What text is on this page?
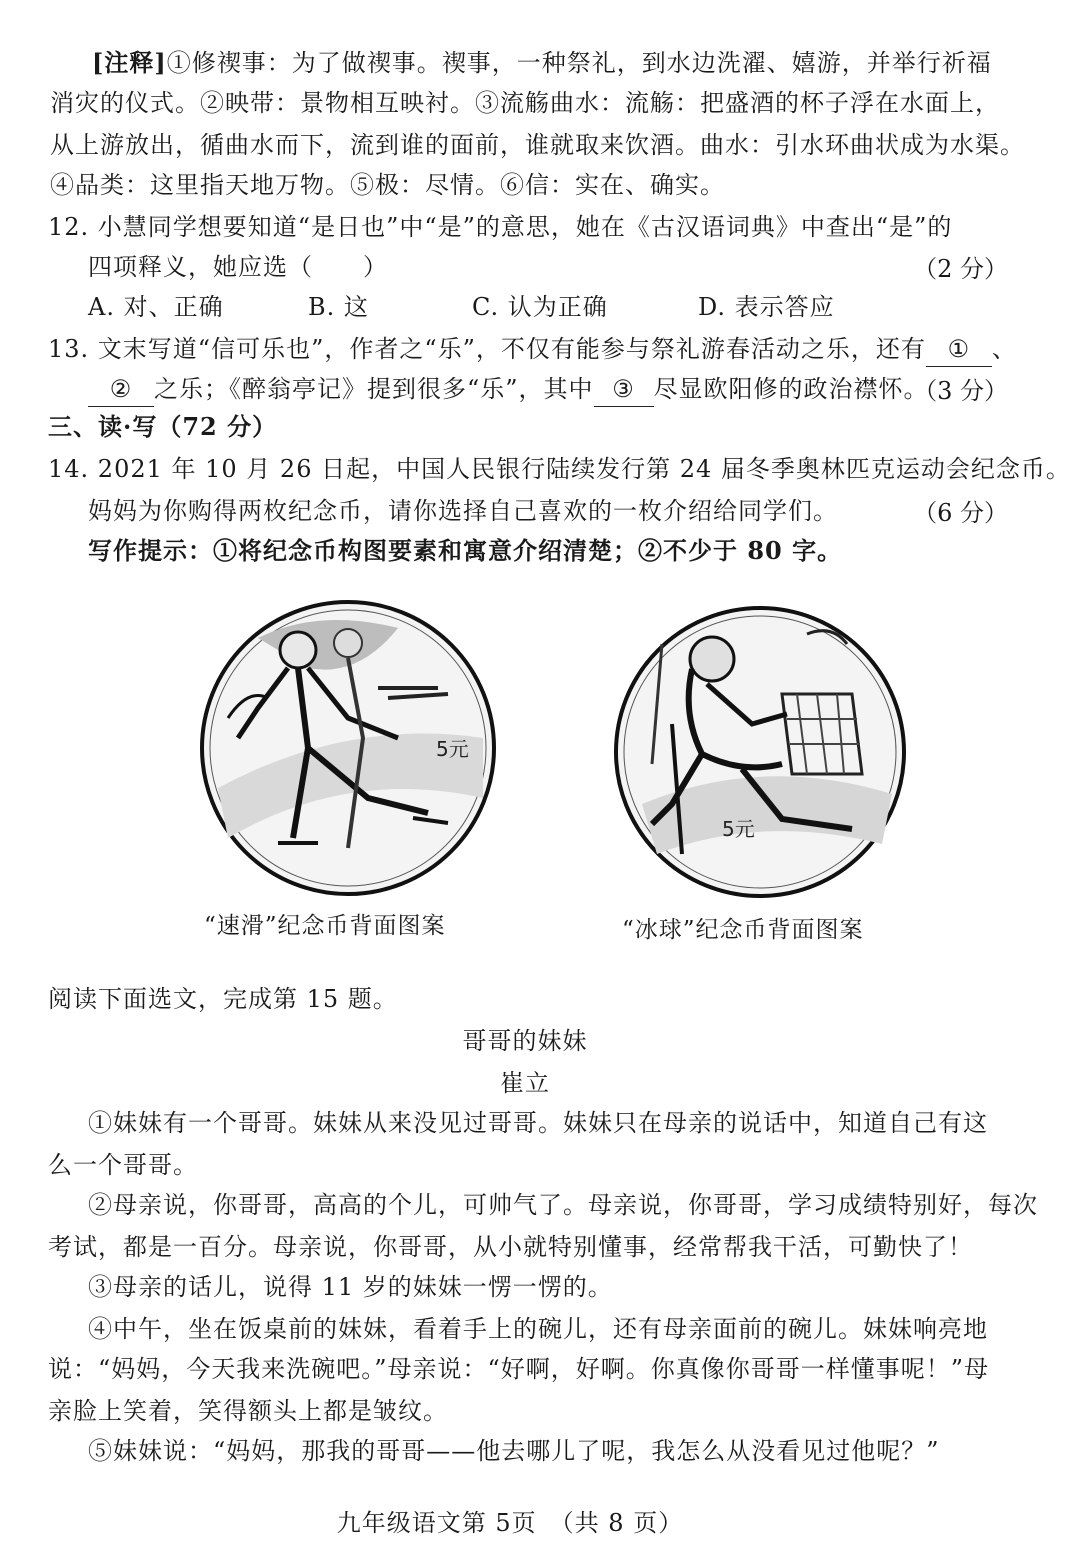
[注释]①修禊事：为了做禊事。禊事，一种祭礼，到水边洗濯、嬉游，并举行祈福
消灾的仪式。②映带：景物相互映衬。③流觞曲水：流觞：把盛酒的杯子浮在水面上，
从上游放出，循曲水而下，流到谁的面前，谁就取来饮酒。曲水：引水环曲状成为水渠。
④品类：这里指天地万物。⑤极：尽情。⑥信：实在、确实。
12. 小慧同学想要知道“是日也”中“是”的意思，她在《古汉语词典》中查出“是”的
四项释义，她应选（　　）	（2 分）
A. 对、正确	B. 这	C. 认为正确	D. 表示答应
13. 文末写道“信可乐也”，作者之“乐”，不仅有能参与祭礼游春活动之乐，还有 ① 、
② 之乐；《醉翁亭记》提到很多“乐”，其中 ③ 尽显欧阳修的政治襟怀。
（3 分）
三、读·写（72 分）
14. 2021 年 10 月 26 日起，中国人民银行陆续发行第 24 届冬季奥林匹克运动会纪念币。
妈妈为你购得两枚纪念币，请你选择自己喜欢的一枚介绍给同学们。	（6 分）
写作提示：①将纪念币构图要素和寓意介绍清楚；②不少于 80 字。
5元
“速滑”纪念币背面图案
5元
“冰球”纪念币背面图案
阅读下面选文，完成第 15 题。
哥哥的妹妹
崔立
①妹妹有一个哥哥。妹妹从来没见过哥哥。妹妹只在母亲的说话中，知道自己有这
么一个哥哥。
②母亲说，你哥哥，高高的个儿，可帅气了。母亲说，你哥哥，学习成绩特别好，每次
考试，都是一百分。母亲说，你哥哥，从小就特别懂事，经常帮我干活，可勤快了！
③母亲的话儿，说得 11 岁的妹妹一愣一愣的。
④中午，坐在饭桌前的妹妹，看着手上的碗儿，还有母亲面前的碗儿。妹妹响亮地
说：“妈妈，今天我来洗碗吧。”母亲说：“好啊，好啊。你真像你哥哥一样懂事呢！”母
亲脸上笑着，笑得额头上都是皱纹。
⑤妹妹说：“妈妈，那我的哥哥——他去哪儿了呢，我怎么从没看见过他呢？”
九年级语文第 5页　（共 8 页）
